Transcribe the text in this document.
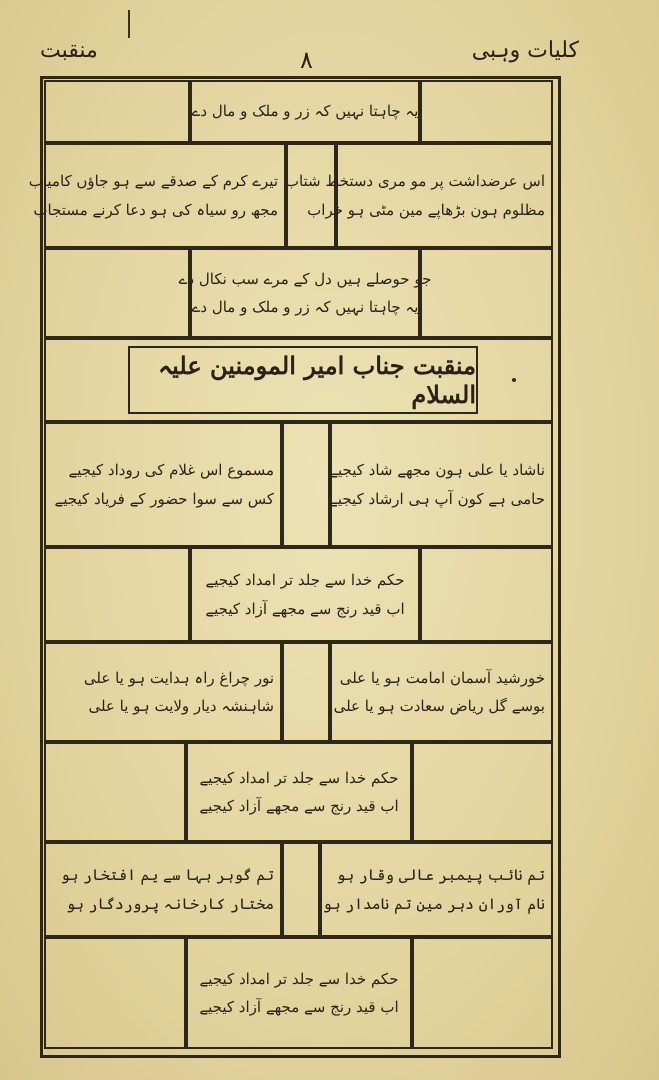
منقبت	۸	کلیات وہبی
یہ چاہتا نہیں کہ زر و ملک و مال دے
اس عرضداشت پر مو مری دستخط شتاب
مظلوم ہون بڑھاپے مین مٹی ہو خراب
تیرے کرم کے صدقے سے ہو جاؤں کامیاب
مجھ رو سیاہ کی ہو دعا کرنے مستجاب
جو حوصلے ہیں دل کے مرے سب نکال دے
یہ چاہتا نہیں کہ زر و ملک و مال دے
منقبت جناب امیر المومنین علیہ السلام
ناشاد یا علی ہون مجھے شاد کیجیے
حامی ہے کون آپ ہی ارشاد کیجیے
مسموع اس غلام کی روداد کیجیے
کس سے سوا حضور کے فریاد کیجیے
حکم خدا سے جلد تر امداد کیجیے
اب قید رنج سے مجھے آزاد کیجیے
خورشید آسمان امامت ہو یا علی
بوسے گل ریاض سعادت ہو یا علی
نور چراغ راہ ہدایت ہو یا علی
شاہنشہ دیار ولایت ہو یا علی
حکم خدا سے جلد تر امداد کیجیے
اب قید رنج سے مجھے آزاد کیجیے
تم نائب پیمبر عالی وقار ہو
نام آوران دہر مین تم نامدار ہو
تم گوہر بہا سے یم افتخار ہو
مختار کارخانہ پروردگار ہو
حکم خدا سے جلد تر امداد کیجیے
اب قید رنج سے مجھے آزاد کیجیے
